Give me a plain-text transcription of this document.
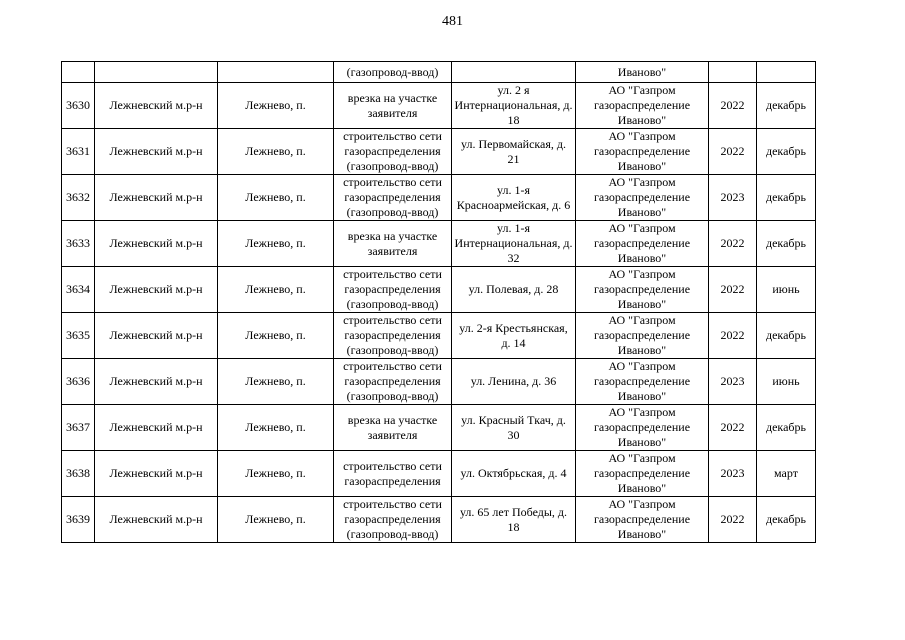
481
			(газопровод-ввод)		Иваново"		
3630	Лежневский м.р-н	Лежнево, п.	врезка на участке заявителя	ул. 2 я Интернациональная, д. 18	АО "Газпром газораспределение Иваново"	2022	декабрь
3631	Лежневский м.р-н	Лежнево, п.	строительство сети газораспределения (газопровод-ввод)	ул. Первомайская, д. 21	АО "Газпром газораспределение Иваново"	2022	декабрь
3632	Лежневский м.р-н	Лежнево, п.	строительство сети газораспределения (газопровод-ввод)	ул. 1-я Красноармейская, д. 6	АО "Газпром газораспределение Иваново"	2023	декабрь
3633	Лежневский м.р-н	Лежнево, п.	врезка на участке заявителя	ул. 1-я Интернациональная, д. 32	АО "Газпром газораспределение Иваново"	2022	декабрь
3634	Лежневский м.р-н	Лежнево, п.	строительство сети газораспределения (газопровод-ввод)	ул. Полевая, д. 28	АО "Газпром газораспределение Иваново"	2022	июнь
3635	Лежневский м.р-н	Лежнево, п.	строительство сети газораспределения (газопровод-ввод)	ул. 2-я Крестьянская, д. 14	АО "Газпром газораспределение Иваново"	2022	декабрь
3636	Лежневский м.р-н	Лежнево, п.	строительство сети газораспределения (газопровод-ввод)	ул. Ленина, д. 36	АО "Газпром газораспределение Иваново"	2023	июнь
3637	Лежневский м.р-н	Лежнево, п.	врезка на участке заявителя	ул. Красный Ткач, д. 30	АО "Газпром газораспределение Иваново"	2022	декабрь
3638	Лежневский м.р-н	Лежнево, п.	строительство сети газораспределения	ул. Октябрьская, д. 4	АО "Газпром газораспределение Иваново"	2023	март
3639	Лежневский м.р-н	Лежнево, п.	строительство сети газораспределения (газопровод-ввод)	ул. 65 лет Победы, д. 18	АО "Газпром газораспределение Иваново"	2022	декабрь
